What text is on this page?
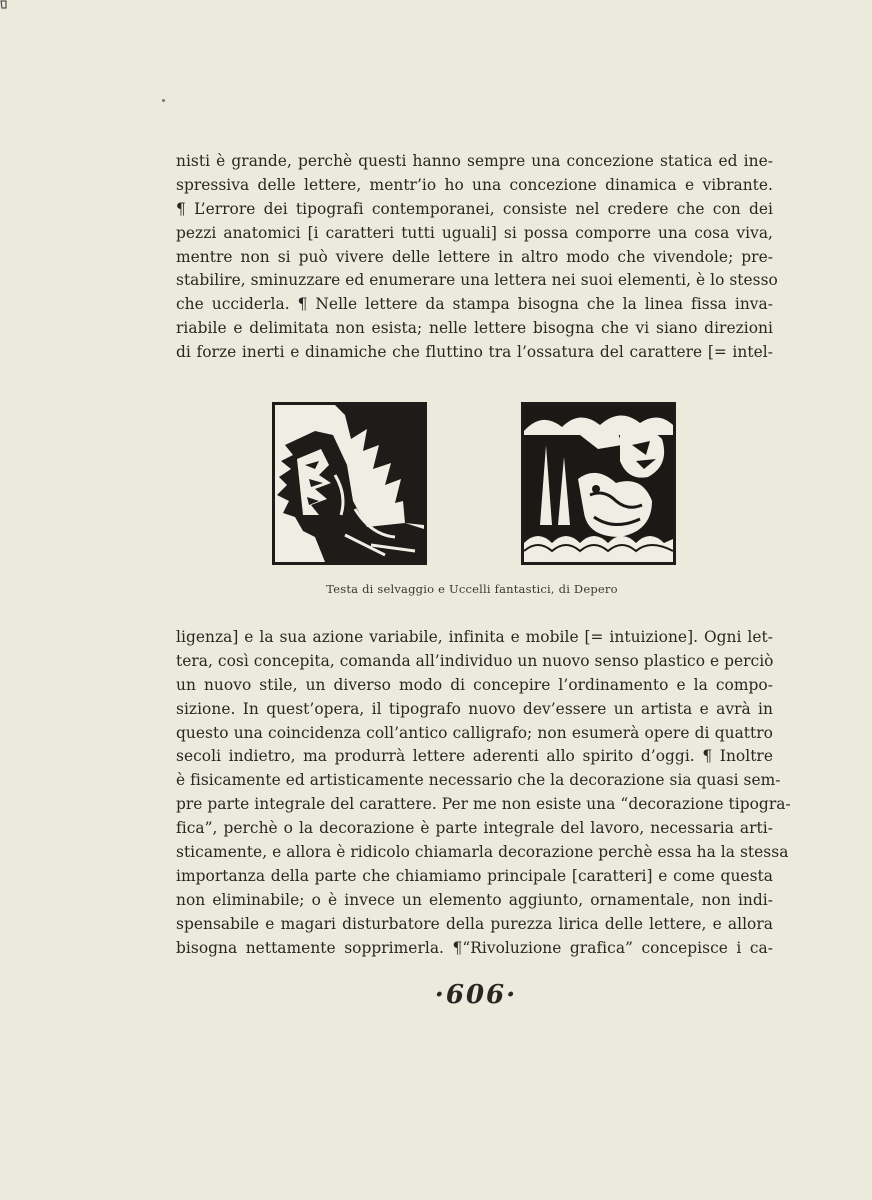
nisti è grande, perchè questi hanno sempre una concezione statica ed ine-
spressiva delle lettere, mentr’io ho una concezione dinamica e vibrante.
¶ L’errore dei tipografi contemporanei, consiste nel credere che con dei
pezzi anatomici [i caratteri tutti uguali] si possa comporre una cosa viva,
mentre non si può vivere delle lettere in altro modo che vivendole; pre-
stabilire, sminuzzare ed enumerare una lettera nei suoi elementi, è lo stesso
che ucciderla. ¶ Nelle lettere da stampa bisogna che la linea fissa inva-
riabile e delimitata non esista; nelle lettere bisogna che vi siano direzioni
di forze inerti e dinamiche che fluttino tra l’ossatura del carattere [= intel-

Testa di selvaggio e Uccelli fantastici, di Depero

ligenza] e la sua azione variabile, infinita e mobile [= intuizione]. Ogni let-
tera, così concepita, comanda all’individuo un nuovo senso plastico e perciò
un nuovo stile, un diverso modo di concepire l’ordinamento e la compo-
sizione. In quest’opera, il tipografo nuovo dev’essere un artista e avrà in
questo una coincidenza coll’antico calligrafo; non esumerà opere di quattro
secoli indietro, ma produrrà lettere aderenti allo spirito d’oggi. ¶ Inoltre
è fisicamente ed artisticamente necessario che la decorazione sia quasi sem-
pre parte integrale del carattere. Per me non esiste una “decorazione tipogra-
fica”, perchè o la decorazione è parte integrale del lavoro, necessaria arti-
sticamente, e allora è ridicolo chiamarla decorazione perchè essa ha la stessa
importanza della parte che chiamiamo principale [caratteri] e come questa
non eliminabile; o è invece un elemento aggiunto, ornamentale, non indi-
spensabile e magari disturbatore della purezza lirica delle lettere, e allora
bisogna nettamente sopprimerla. ¶“Rivoluzione grafica” concepisce i ca-

·606·
